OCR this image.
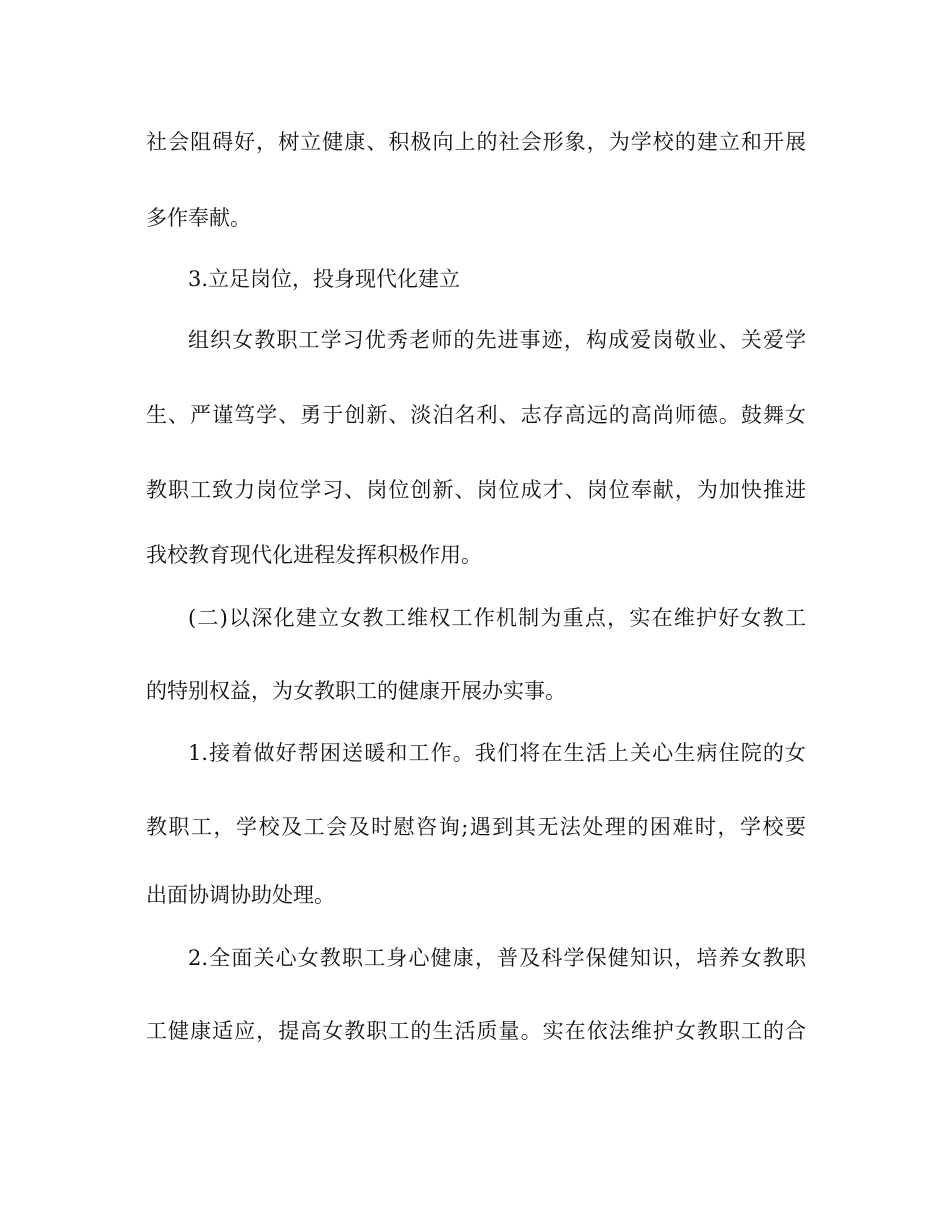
社会阻碍好，树立健康、积极向上的社会形象，为学校的建立和开展
多作奉献。
3.立足岗位，投身现代化建立
组织女教职工学习优秀老师的先进事迹，构成爱岗敬业、关爱学
生、严谨笃学、勇于创新、淡泊名利、志存高远的高尚师德。鼓舞女
教职工致力岗位学习、岗位创新、岗位成才、岗位奉献，为加快推进
我校教育现代化进程发挥积极作用。
(二)以深化建立女教工维权工作机制为重点，实在维护好女教工
的特别权益，为女教职工的健康开展办实事。
1.接着做好帮困送暖和工作。我们将在生活上关心生病住院的女
教职工，学校及工会及时慰咨询;遇到其无法处理的困难时，学校要
出面协调协助处理。
2.全面关心女教职工身心健康，普及科学保健知识，培养女教职
工健康适应，提高女教职工的生活质量。实在依法维护女教职工的合
